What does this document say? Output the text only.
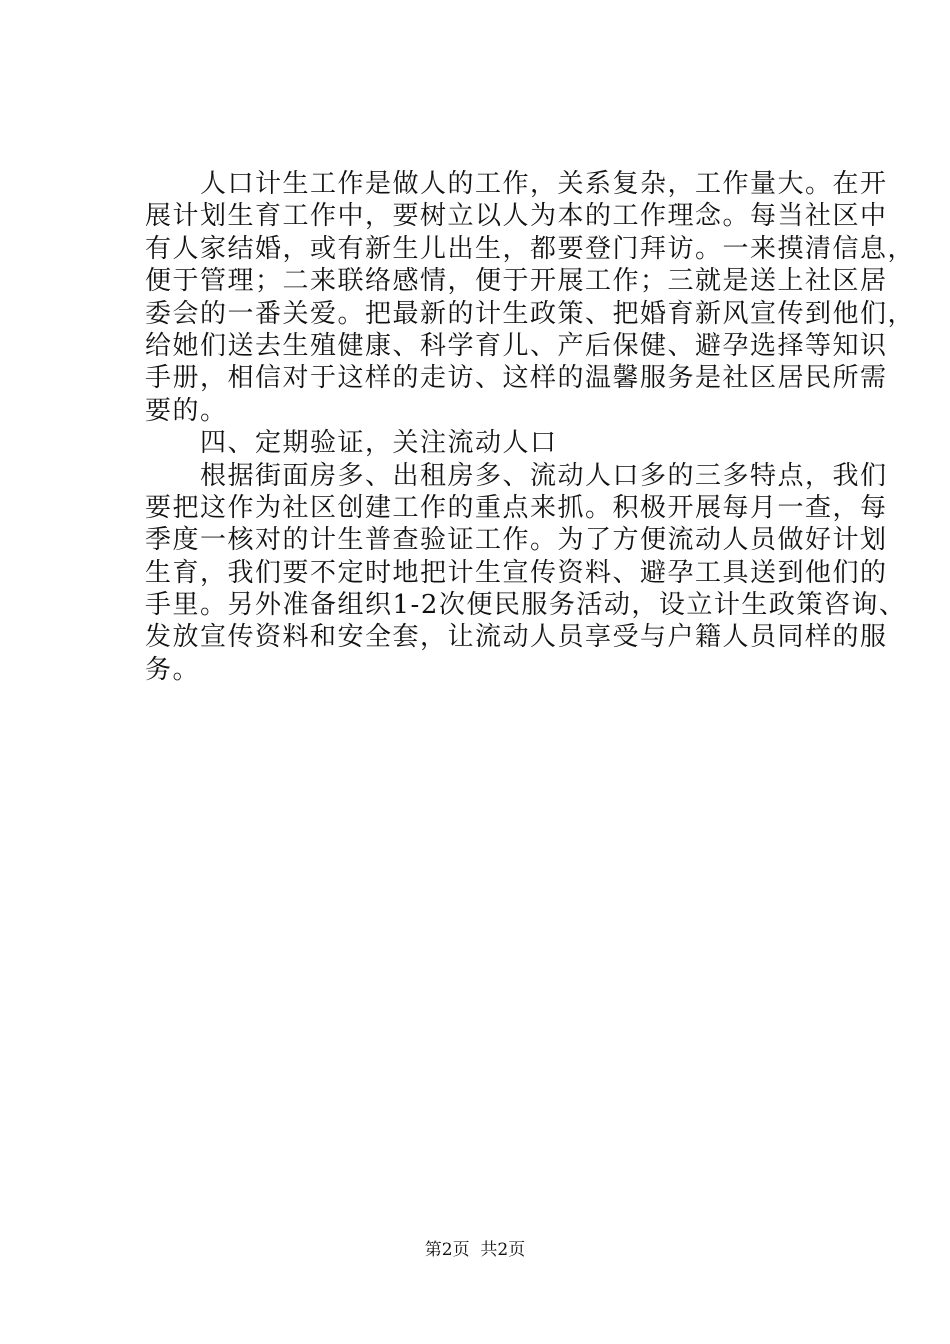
　　人口计生工作是做人的工作，关系复杂，工作量大。在开
展计划生育工作中，要树立以人为本的工作理念。每当社区中
有人家结婚，或有新生儿出生，都要登门拜访。一来摸清信息，
便于管理；二来联络感情，便于开展工作；三就是送上社区居
委会的一番关爱。把最新的计生政策、把婚育新风宣传到他们，
给她们送去生殖健康、科学育儿、产后保健、避孕选择等知识
手册，相信对于这样的走访、这样的温馨服务是社区居民所需
要的。
　　四、定期验证，关注流动人口
　　根据街面房多、出租房多、流动人口多的三多特点，我们
要把这作为社区创建工作的重点来抓。积极开展每月一查，每
季度一核对的计生普查验证工作。为了方便流动人员做好计划
生育，我们要不定时地把计生宣传资料、避孕工具送到他们的
手里。另外准备组织1-2次便民服务活动，设立计生政策咨询、
发放宣传资料和安全套，让流动人员享受与户籍人员同样的服
务。
第2页  共2页
